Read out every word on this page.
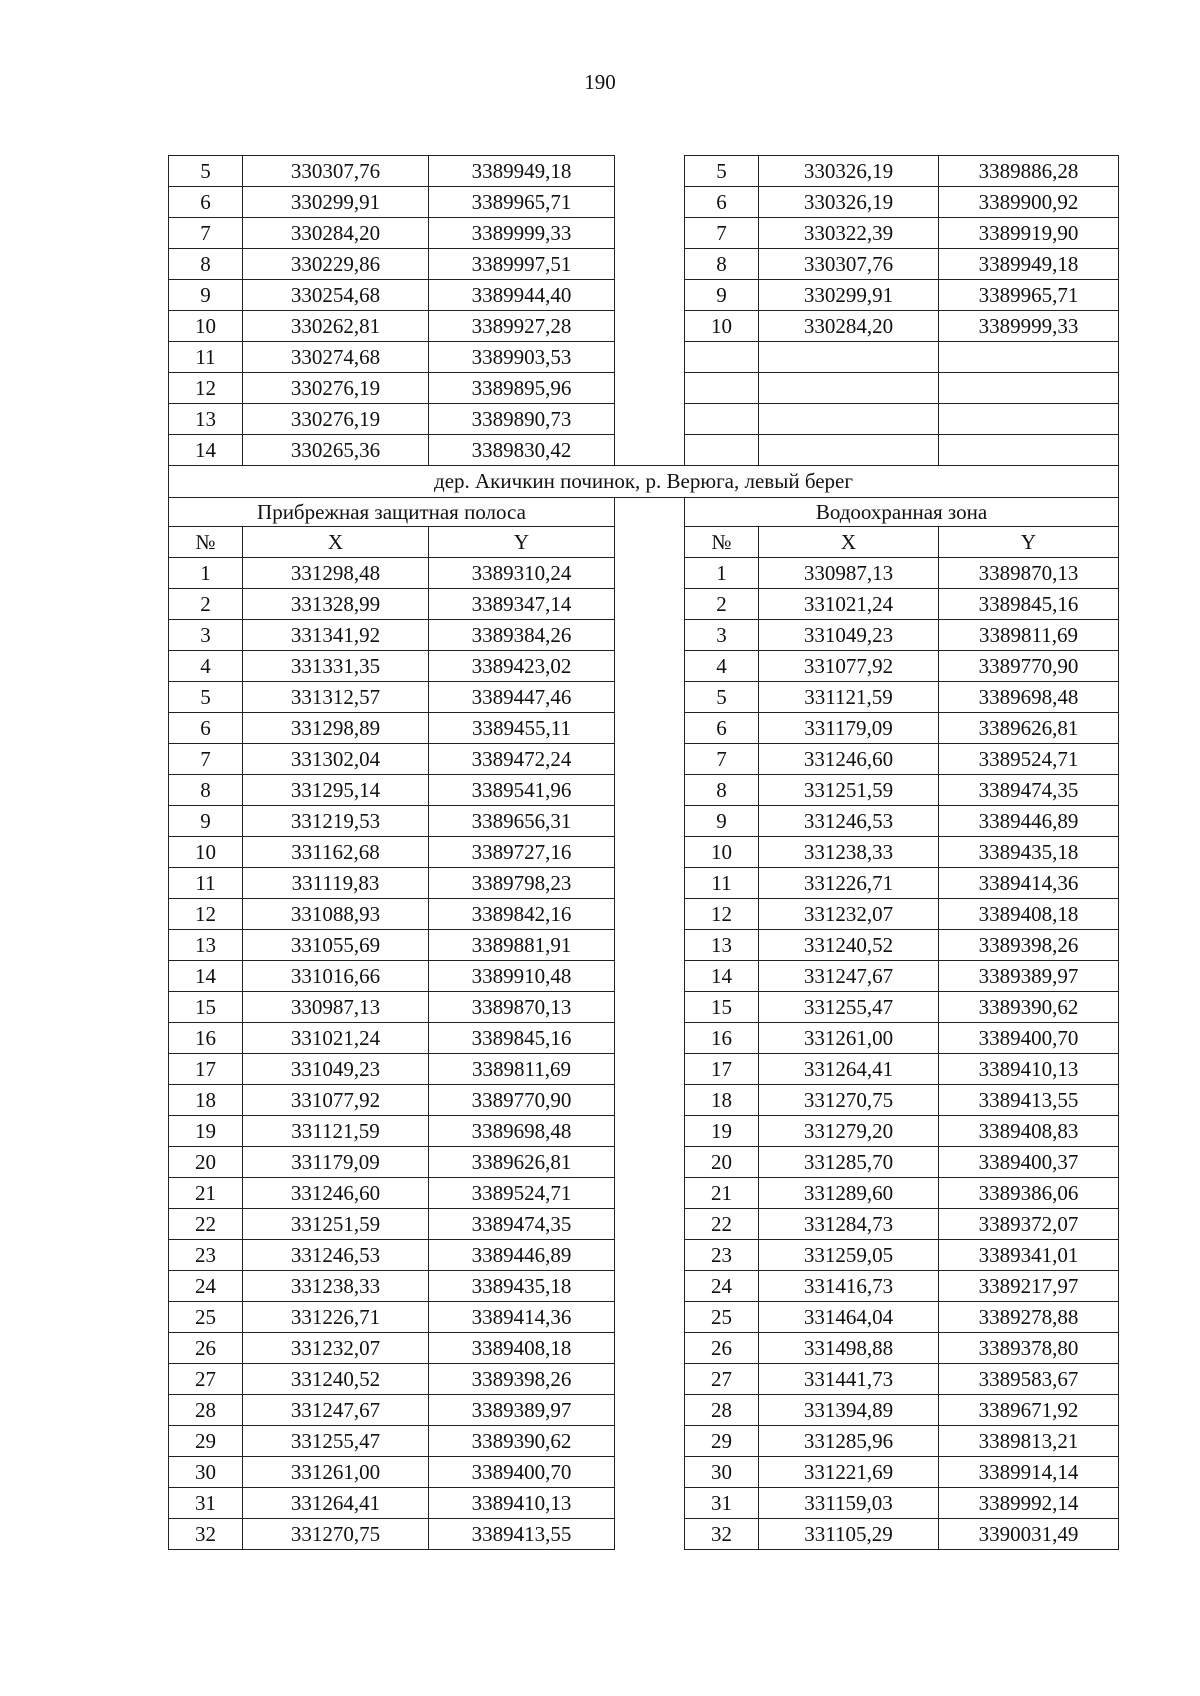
190
5	330307,76	3389949,18		5	330326,19	3389886,28
6	330299,91	3389965,71		6	330326,19	3389900,92
7	330284,20	3389999,33		7	330322,39	3389919,90
8	330229,86	3389997,51		8	330307,76	3389949,18
9	330254,68	3389944,40		9	330299,91	3389965,71
10	330262,81	3389927,28		10	330284,20	3389999,33
11	330274,68	3389903,53				
12	330276,19	3389895,96				
13	330276,19	3389890,73				
14	330265,36	3389830,42				
дер. Акичкин починок, р. Верюга, левый берег						
Прибрежная защитная полоса				Водоохранная зона		
№	X	Y		№	X	Y
1	331298,48	3389310,24		1	330987,13	3389870,13
2	331328,99	3389347,14		2	331021,24	3389845,16
3	331341,92	3389384,26		3	331049,23	3389811,69
4	331331,35	3389423,02		4	331077,92	3389770,90
5	331312,57	3389447,46		5	331121,59	3389698,48
6	331298,89	3389455,11		6	331179,09	3389626,81
7	331302,04	3389472,24		7	331246,60	3389524,71
8	331295,14	3389541,96		8	331251,59	3389474,35
9	331219,53	3389656,31		9	331246,53	3389446,89
10	331162,68	3389727,16		10	331238,33	3389435,18
11	331119,83	3389798,23		11	331226,71	3389414,36
12	331088,93	3389842,16		12	331232,07	3389408,18
13	331055,69	3389881,91		13	331240,52	3389398,26
14	331016,66	3389910,48		14	331247,67	3389389,97
15	330987,13	3389870,13		15	331255,47	3389390,62
16	331021,24	3389845,16		16	331261,00	3389400,70
17	331049,23	3389811,69		17	331264,41	3389410,13
18	331077,92	3389770,90		18	331270,75	3389413,55
19	331121,59	3389698,48		19	331279,20	3389408,83
20	331179,09	3389626,81		20	331285,70	3389400,37
21	331246,60	3389524,71		21	331289,60	3389386,06
22	331251,59	3389474,35		22	331284,73	3389372,07
23	331246,53	3389446,89		23	331259,05	3389341,01
24	331238,33	3389435,18		24	331416,73	3389217,97
25	331226,71	3389414,36		25	331464,04	3389278,88
26	331232,07	3389408,18		26	331498,88	3389378,80
27	331240,52	3389398,26		27	331441,73	3389583,67
28	331247,67	3389389,97		28	331394,89	3389671,92
29	331255,47	3389390,62		29	331285,96	3389813,21
30	331261,00	3389400,70		30	331221,69	3389914,14
31	331264,41	3389410,13		31	331159,03	3389992,14
32	331270,75	3389413,55		32	331105,29	3390031,49
